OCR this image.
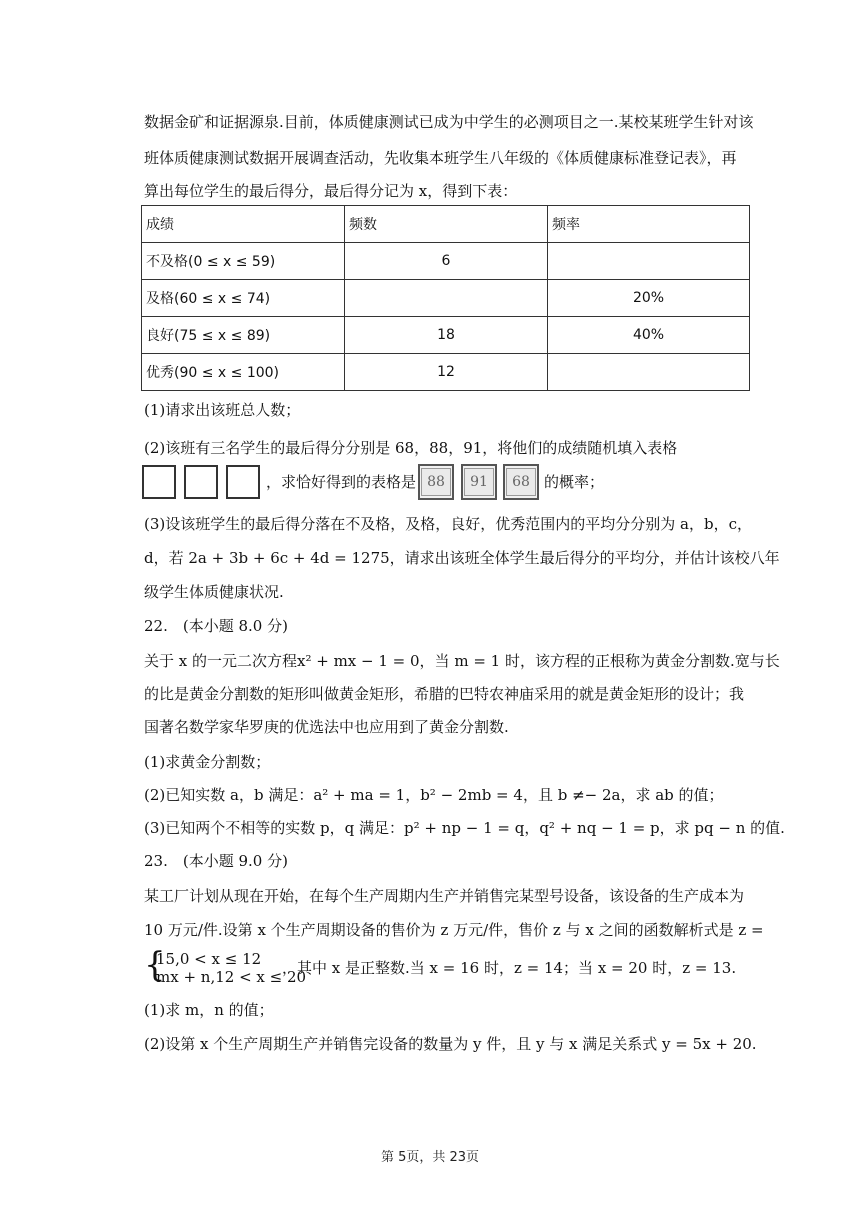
数据金矿和证据源泉.目前，体质健康测试已成为中学生的必测项目之一.某校某班学生针对该
班体质健康测试数据开展调查活动，先收集本班学生八年级的《体质健康标准登记表》，再
算出每位学生的最后得分，最后得分记为 x，得到下表：
成绩	频数	频率
不及格(0 ≤ x ≤ 59)	6	
及格(60 ≤ x ≤ 74)		20%
良好(75 ≤ x ≤ 89)	18	40%
优秀(90 ≤ x ≤ 100)	12	
(1)请求出该班总人数；
(2)该班有三名学生的最后得分分别是 68，88，91，将他们的成绩随机填入表格
，求恰好得到的表格是 88	91	68 的概率；
(3)设该班学生的最后得分落在不及格，及格，良好，优秀范围内的平均分分别为 a，b，c，
d，若 2a + 3b + 6c + 4d = 1275，请求出该班全体学生最后得分的平均分，并估计该校八年
级学生体质健康状况.
22.　(本小题 8.0 分)
关于 x 的一元二次方程x² + mx − 1 = 0，当 m = 1 时，该方程的正根称为黄金分割数.宽与长
的比是黄金分割数的矩形叫做黄金矩形，希腊的巴特农神庙采用的就是黄金矩形的设计；我
国著名数学家华罗庚的优选法中也应用到了黄金分割数.
(1)求黄金分割数；
(2)已知实数 a，b 满足：a² + ma = 1，b² − 2mb = 4，且 b ≠− 2a，求 ab 的值；
(3)已知两个不相等的实数 p，q 满足：p² + np − 1 = q，q² + nq − 1 = p，求 pq − n 的值.
23.　(本小题 9.0 分)
某工厂计划从现在开始，在每个生产周期内生产并销售完某型号设备，该设备的生产成本为
10 万元/件.设第 x 个生产周期设备的售价为 z 万元/件，售价 z 与 x 之间的函数解析式是 z =
{
15,0 < x ≤ 12
mx + n,12 < x ≤ 20
，其中 x 是正整数.当 x = 16 时，z = 14；当 x = 20 时，z = 13.
(1)求 m，n 的值；
(2)设第 x 个生产周期生产并销售完设备的数量为 y 件，且 y 与 x 满足关系式 y = 5x + 20.
第 5页，共 23页
